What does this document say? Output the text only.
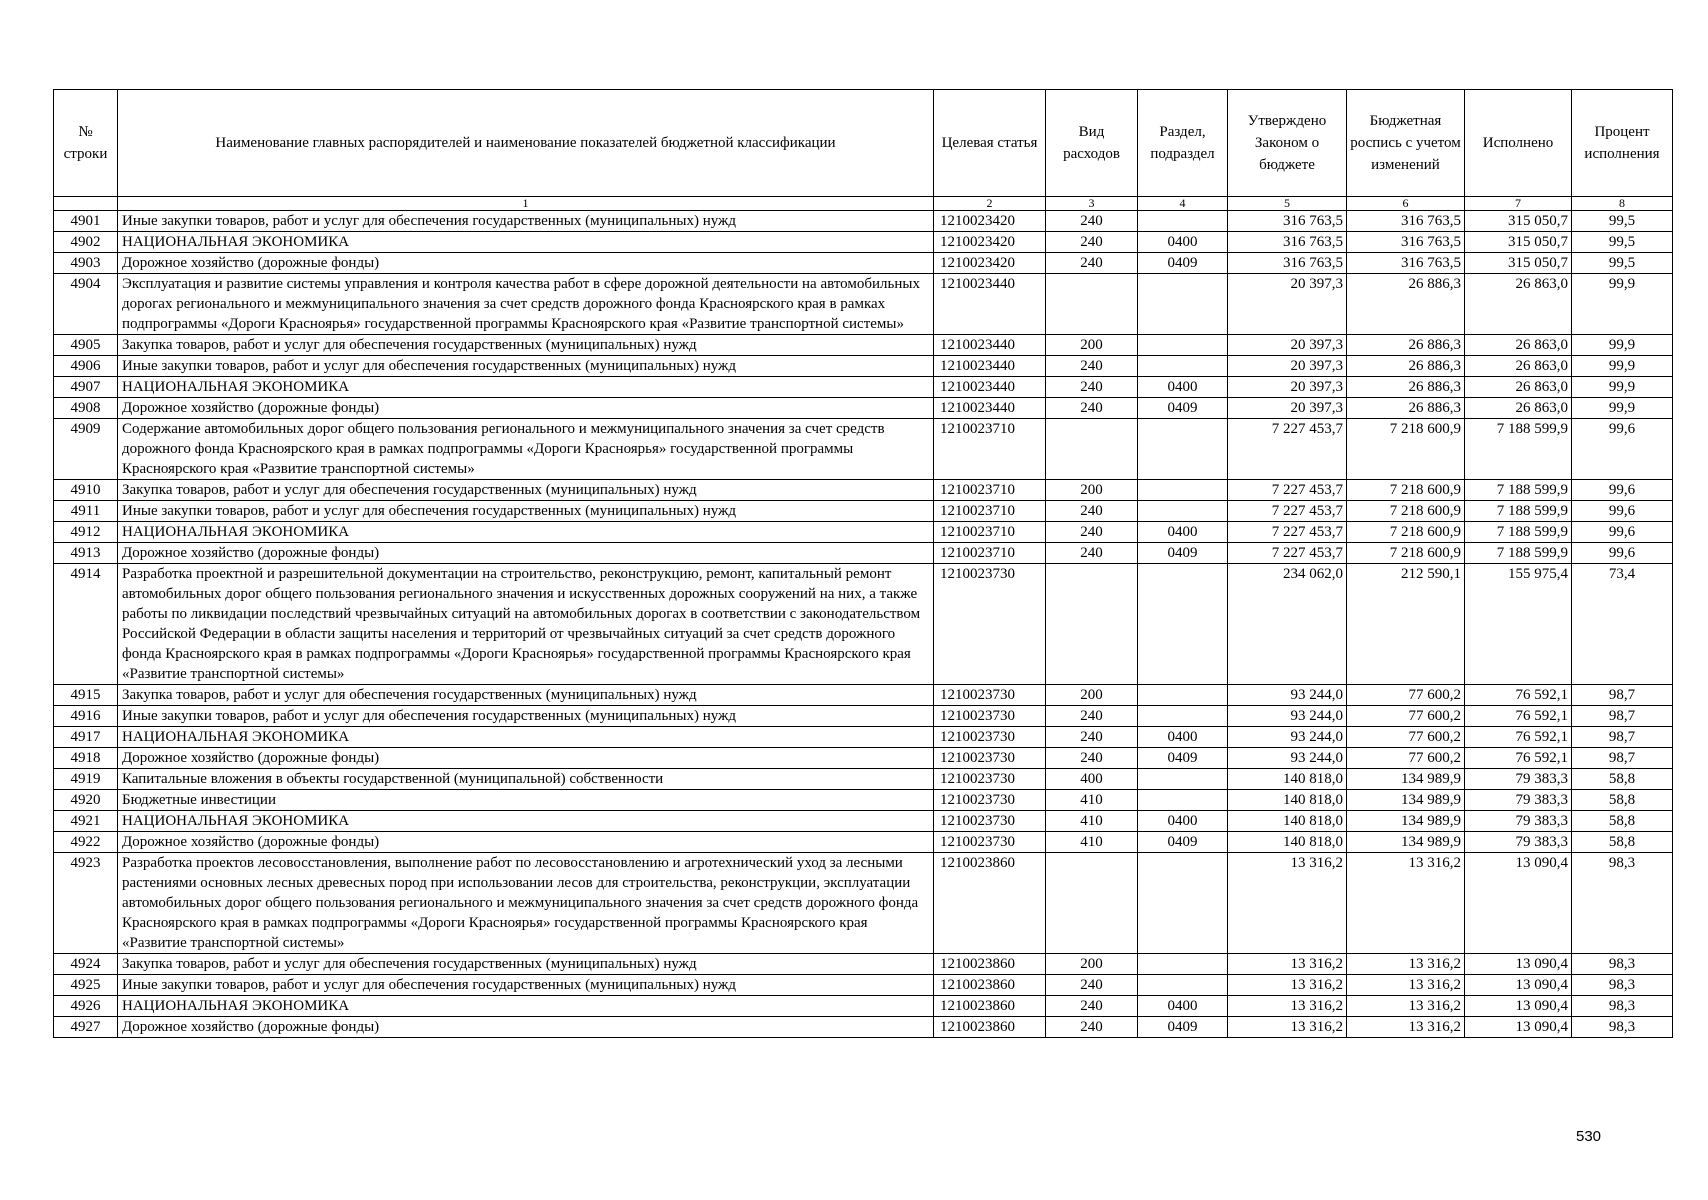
№ строки	Наименование главных распорядителей и наименование показателей бюджетной классификации	Целевая статья	Вид расходов	Раздел, подраздел	Утверждено Законом о бюджете	Бюджетная роспись с учетом изменений	Исполнено	Процент исполнения
	1	2	3	4	5	6	7	8
4901	Иные закупки товаров, работ и услуг для обеспечения государственных (муниципальных) нужд	1210023420	240		316 763,5	316 763,5	315 050,7	99,5
4902	НАЦИОНАЛЬНАЯ ЭКОНОМИКА	1210023420	240	0400	316 763,5	316 763,5	315 050,7	99,5
4903	Дорожное хозяйство (дорожные фонды)	1210023420	240	0409	316 763,5	316 763,5	315 050,7	99,5
4904	Эксплуатация и развитие системы управления и контроля качества работ в сфере дорожной деятельности на автомобильных дорогах регионального и межмуниципального значения за счет средств дорожного фонда Красноярского края в рамках подпрограммы «Дороги Красноярья» государственной программы Красноярского края «Развитие транспортной системы»	1210023440			20 397,3	26 886,3	26 863,0	99,9
4905	Закупка товаров, работ и услуг для обеспечения государственных (муниципальных) нужд	1210023440	200		20 397,3	26 886,3	26 863,0	99,9
4906	Иные закупки товаров, работ и услуг для обеспечения государственных (муниципальных) нужд	1210023440	240		20 397,3	26 886,3	26 863,0	99,9
4907	НАЦИОНАЛЬНАЯ ЭКОНОМИКА	1210023440	240	0400	20 397,3	26 886,3	26 863,0	99,9
4908	Дорожное хозяйство (дорожные фонды)	1210023440	240	0409	20 397,3	26 886,3	26 863,0	99,9
4909	Содержание автомобильных дорог общего пользования регионального и межмуниципального значения за счет средств дорожного фонда Красноярского края в рамках подпрограммы «Дороги Красноярья» государственной программы Красноярского края «Развитие транспортной системы»	1210023710			7 227 453,7	7 218 600,9	7 188 599,9	99,6
4910	Закупка товаров, работ и услуг для обеспечения государственных (муниципальных) нужд	1210023710	200		7 227 453,7	7 218 600,9	7 188 599,9	99,6
4911	Иные закупки товаров, работ и услуг для обеспечения государственных (муниципальных) нужд	1210023710	240		7 227 453,7	7 218 600,9	7 188 599,9	99,6
4912	НАЦИОНАЛЬНАЯ ЭКОНОМИКА	1210023710	240	0400	7 227 453,7	7 218 600,9	7 188 599,9	99,6
4913	Дорожное хозяйство (дорожные фонды)	1210023710	240	0409	7 227 453,7	7 218 600,9	7 188 599,9	99,6
4914	Разработка проектной и разрешительной документации на строительство, реконструкцию, ремонт, капитальный ремонт автомобильных дорог общего пользования регионального значения и искусственных дорожных сооружений на них, а также работы по ликвидации последствий чрезвычайных ситуаций на автомобильных дорогах в соответствии с законодательством Российской Федерации в области защиты населения и территорий от чрезвычайных ситуаций за счет средств дорожного фонда Красноярского края в рамках подпрограммы «Дороги Красноярья» государственной программы Красноярского края «Развитие транспортной системы»	1210023730			234 062,0	212 590,1	155 975,4	73,4
4915	Закупка товаров, работ и услуг для обеспечения государственных (муниципальных) нужд	1210023730	200		93 244,0	77 600,2	76 592,1	98,7
4916	Иные закупки товаров, работ и услуг для обеспечения государственных (муниципальных) нужд	1210023730	240		93 244,0	77 600,2	76 592,1	98,7
4917	НАЦИОНАЛЬНАЯ ЭКОНОМИКА	1210023730	240	0400	93 244,0	77 600,2	76 592,1	98,7
4918	Дорожное хозяйство (дорожные фонды)	1210023730	240	0409	93 244,0	77 600,2	76 592,1	98,7
4919	Капитальные вложения в объекты государственной (муниципальной) собственности	1210023730	400		140 818,0	134 989,9	79 383,3	58,8
4920	Бюджетные инвестиции	1210023730	410		140 818,0	134 989,9	79 383,3	58,8
4921	НАЦИОНАЛЬНАЯ ЭКОНОМИКА	1210023730	410	0400	140 818,0	134 989,9	79 383,3	58,8
4922	Дорожное хозяйство (дорожные фонды)	1210023730	410	0409	140 818,0	134 989,9	79 383,3	58,8
4923	Разработка проектов лесовосстановления, выполнение работ по лесовосстановлению и агротехнический уход за лесными растениями основных лесных древесных пород при использовании лесов для строительства, реконструкции, эксплуатации автомобильных дорог общего пользования регионального и межмуниципального значения за счет средств дорожного фонда Красноярского края в рамках подпрограммы «Дороги Красноярья» государственной программы Красноярского края «Развитие транспортной системы»	1210023860			13 316,2	13 316,2	13 090,4	98,3
4924	Закупка товаров, работ и услуг для обеспечения государственных (муниципальных) нужд	1210023860	200		13 316,2	13 316,2	13 090,4	98,3
4925	Иные закупки товаров, работ и услуг для обеспечения государственных (муниципальных) нужд	1210023860	240		13 316,2	13 316,2	13 090,4	98,3
4926	НАЦИОНАЛЬНАЯ ЭКОНОМИКА	1210023860	240	0400	13 316,2	13 316,2	13 090,4	98,3
4927	Дорожное хозяйство (дорожные фонды)	1210023860	240	0409	13 316,2	13 316,2	13 090,4	98,3
530
